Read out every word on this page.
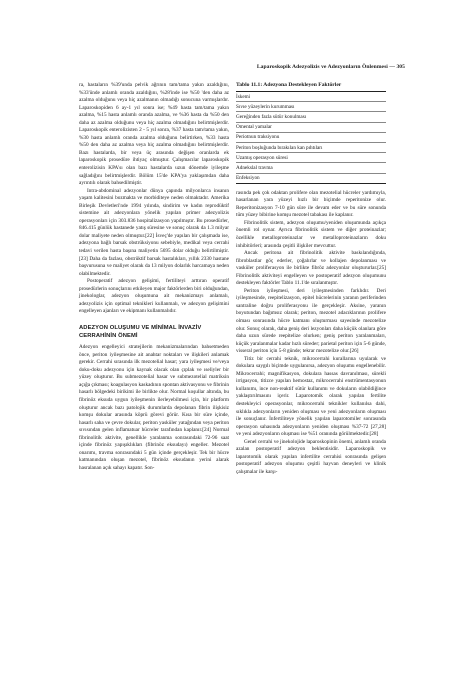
Laparoskopik Adezyolizis ve Adezyonların Önlenmesi — 305

ra, hastaların %39'unda pelvik ağrının tam/tama yakın azaldığını, %33'ünde anlamlı oranda azaldığını, %28'inde ise %50 'den daha az azalma olduğunu veya hiç azalmanın olmadığı sonucuna varmışlardır. Laparoskopiden 6 ay-1 yıl sonra ise; %49 hasta tam/tama yakın azalma, %15 hasta anlamlı oranda azalma, ve %36 hasta da %50 den daha az azalma olduğunu veya hiç azalma olmadığını belirtmişlerdir. Laparoskopik enterolizisten 2 - 5 yıl sonra, %37 hasta tam/tama yakın, %30 hasta anlamlı oranda azalma olduğunu belirtirken, %33 hasta %50 den daha az azalma veya hiç azalma olmadığını belirtmişlerdir. Bazı hastalarda, bir veya üç arasında değişen oranlarda ek laparoskopik prosedüre ihtiyaç olmuştur. Çalışmacılar laparoskopik enterolizisin KPA'sı olan bazı hastalarda uzun dönemde iyileşme sağladığını belirtmişlerdir. Bölüm 15'de KPA'ya yaklaşımdan daha ayrıntılı olarak bahsedilmiştir.

Intra-abdominal adezyonlar dünya çapında milyonlarca insanın yaşam kalitesini bozmakta ve morbiditeye neden olmaktadır. Amerika Birleşik Devletleri'nde 1994 yılında, sindirim ve kadın reprodüktif sistemine ait adezyonlara yönelik yapılan primer adezyolizis operasyonları için 303.836 hospitalizasyon yapılmıştır. Bu prosedürler, 846.415 günlük hastanede yatış süresine ve sonuç olarak da 1.3 milyar dolar maliyete neden olmuştur.[22] İsveç'de yapılan bir çalışmada ise, adezyona bağlı barsak obstrüksiyonu sebebiyle, medikal veya cerrahi tedavi verilen hasta başına maliyetin 5695 dolar olduğu belirtilmiştir.[23] Daha da fazlası, obstrüktif barsak hastalıkları, yıllık 2330 hastane başvurusuna ve maliyet olarak da 13 milyon dolarlık harcamaya neden olabilmektedir.

Postoperatif adezyon gelişimi, fertiliteyi arttıran operatif prosedürlerin sonuçlarını etkileyen major faktörlerden biri olduğundan, jinekologlar, adezyon oluşumuna ait mekanizmayı anlamalı, adezyolizis için optimal teknikleri kullanmalı, ve adezyon gelişimini engelleyen ajanları ve ekipmanı kullanmalıdır.

ADEZYON OLUŞUMU VE MİNİMAL İNVAZİV CERRAHİNİN ÖNEMİ

Adezyon engelleyici stratejilerin mekanizmalarından bahsetmeden önce, periton iyileşmesine ait anahtar noktaları ve ilişkileri anlamak gerekir. Cerrahi sırasında ilk mezotelial hasar; yara iyileşmesi ve/veya doku-doku adezyonu için kaynak olacak olan çıplak ve ıseliyler bir yüzey oluşturur. Bu submezotelial hasar ve submezotelial matriksin açığa çıkması; koagulasyon kaskadının spontan aktivasyonu ve fibrinin hasarlı bölgedeki birikimi ile birlikte olur. Normal koşullar altında, bu fibrinöz eksuda uygun iyileşmenin ilerleyebilmesi için, bir platform oluşturur ancak bazı patolojik durumlarda depolanan fibrin ilişkisiz komşu dokular arasında köprü görevi görür. Kısa bir süre içinde, hasarlı saha ve çevre dokular, periton yasküler yatağından veya periton sıvısından gelen inflamatuar hücreler tarafından kaplanır.[24] Normal fibrinolitik aktivite, genellikle yaralanma sonrasındaki 72-96 saat içinde fibrinöz yapışıklıkları (fibrinöz eksudayı) engeller. Mezotel onarımı, travma sonrasındaki 5 gün içinde gerçekleşir. Tek bir hücre katmanından oluşan mezotel, fibrinöz eksudanın yerini alarak hasralanan açık sahayı kapatır. Son-

Tablo 11.1: Adezyona Destekleyen Faktörler
İskemi
Sıvıe yüzeylerin kurumması
Gereğinden fazla sütür konulması
Omental yamalar
Periotnun traksiyonu
Periton boşluğunda bırakılan kan pıhtıları
Uzamış operasyon süresi
Adnekslal travma
Enfeksiyon

rasında pek çok odaktan prolifere olan mezotelial hücreler yardımıyla, hasarlanan yara yüzeyi hızlı bir biçimde reperitonize olur. Reperitonizasyon 7-10 gün süre ile devam eder ve bu süre sonunda tüm yüzey bibirine komşu mezotel tabakası ile kaplanır.

Fibrinolitik sistem, adezyon oluşumu/yeniden oluşumunda açıkça önemli rol oynar. Ayrıca fibrinolitik sistem ve diğer proteinazlar; özellikle metalloproteinazlar ve metalloproteinazların doku inhibitörleri; arasında çeşitli ilişkiler mevcuttur.

Ancak peritona ait fibrinolitik aktivite baskılandığında, fibroblastlar göç ederler, çoğalırlar ve kollajen depolanması ve vasküler proliferasyon ile birlikte fibröz adezyonlar oluştururlar.[25] Fibrinolitik aktiviteyi engelleyen ve postoperatif adezyon oluşumunu destekleyen faktörler Tablo 11.1'de sıralanmıştır.

Periton iyileşmesi, deri iyileşmesinden farklıdır. Deri iyileşmesinde, reepitelizasyon, epitel hücrelerinin yaranın periferinden santraline doğru proliferasyonu ile gerçekleşir. Aksine, yaranın boyutundan bağımsız olarak; periton, mezotel adacıklarının prolifere olması sonrasında hücre katmanı oluşturması sayesinde mezotelize olur. Sonuç olarak, daha geniş deri lezyonları daha küçük olanlara göre daha uzun sürede reepitelize olurken; geniş periton yaralanmaları, küçük yaralanmalar kadar hızlı süreder; parietal periton için 5-6 günde, visseral periton için 5-8 günde; tekrar mezotelize olur.[26]

Titiz bir cerrahi teknik, mikrocerrahi kurallarına uyularak ve dokulara saygılı biçimde uygulanırsa, adezyon oluşumu engellenebilir. Mikrocerrahi; magnifikasyon, dokulara hassas davranılması, sürekli irrigasyon, titizce yapılan hemostaz, mikrocerrahi enstrümentasyonun kullanımı, ince non-reaktif sütür kullanımı ve dokuların olabildiğince yaklaştırılmasını içerir. Laparotomik olarak yapılan fertilite destekleyici operasyonlar, mikrocerrahi teknikler kullanılsa dahi, sıklıkla adezyonların yeniden oluşması ve yeni adezyonların oluşması ile sonuçlanır. İnfertiliteye yönelik yapılan laparotomiler sonrasında operasyon sahasında adezyonların yeniden oluşması %37-72 [27,28] ve yeni adezyonların oluşması ise %51 oranında görülmektedir.[28]

Genel cerrahi ve jinekolojide laparoskopinin önemi, anlamlı oranda azalan postoperatif adezyon beklentisidir. Laparoskopik ve laparotomik olarak yapılan infertilite cerrahisi sonrasında gelişen postoperatif adezyon oluşumu çeşitli hayvan deneyleri ve klinik çalışmalar ile karşı-
